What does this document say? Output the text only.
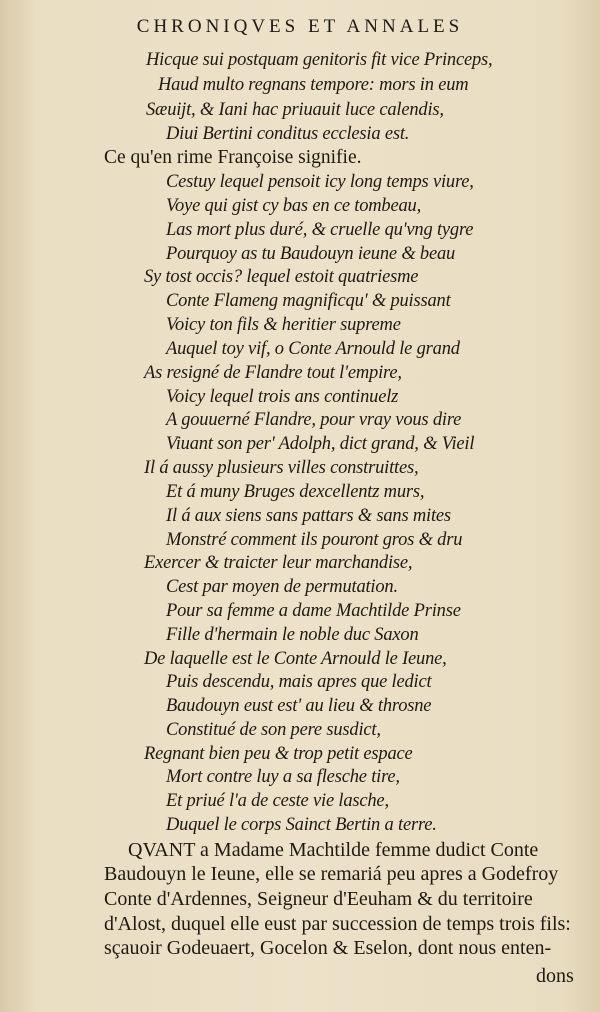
CHRONIQVES ET ANNALES
Hicque sui postquam genitoris fit vice Princeps,
Haud multo regnans tempore: mors in eum
Sæuijt, & Iani hac priuauit luce calendis,
Diui Bertini conditus ecclesia est.
Ce qu'en rime Françoise signifie.
Cestuy lequel pensoit icy long temps viure,
Voye qui gist cy bas en ce tombeau,
Las mort plus duré, & cruelle qu'vng tygre
Pourquoy as tu Baudouyn ieune & beau
Sy tost occis? lequel estoit quatriesme
Conte Flameng magnificqu' & puissant
Voicy ton fils & heritier supreme
Auquel toy vif, o Conte Arnould le grand
As resigné de Flandre tout l'empire,
Voicy lequel trois ans continuelz
A gouuerné Flandre, pour vray vous dire
Viuant son per' Adolph, dict grand, & Vieil
Il á aussy plusieurs villes construittes,
Et á muny Bruges dexcellentz murs,
Il á aux siens sans pattars & sans mites
Monstré comment ils pouront gros & dru
Exercer & traicter leur marchandise,
Cest par moyen de permutation.
Pour sa femme a dame Machtilde Prinse
Fille d'hermain le noble duc Saxon
De laquelle est le Conte Arnould le Ieune,
Puis descendu, mais apres que ledict
Baudouyn eust est' au lieu & throsne
Constitué de son pere susdict,
Regnant bien peu & trop petit espace
Mort contre luy a sa flesche tire,
Et priué l'a de ceste vie lasche,
Duquel le corps Sainct Bertin a terre.
QVANT a Madame Machtilde femme dudict Conte
Baudouyn le Ieune, elle se remariá peu apres a Godefroy
Conte d'Ardennes, Seigneur d'Eeuham & du territoire
d'Alost, duquel elle eust par succession de temps trois fils:
sçauoir Godeuaert, Gocelon & Eselon, dont nous enten-
dons
